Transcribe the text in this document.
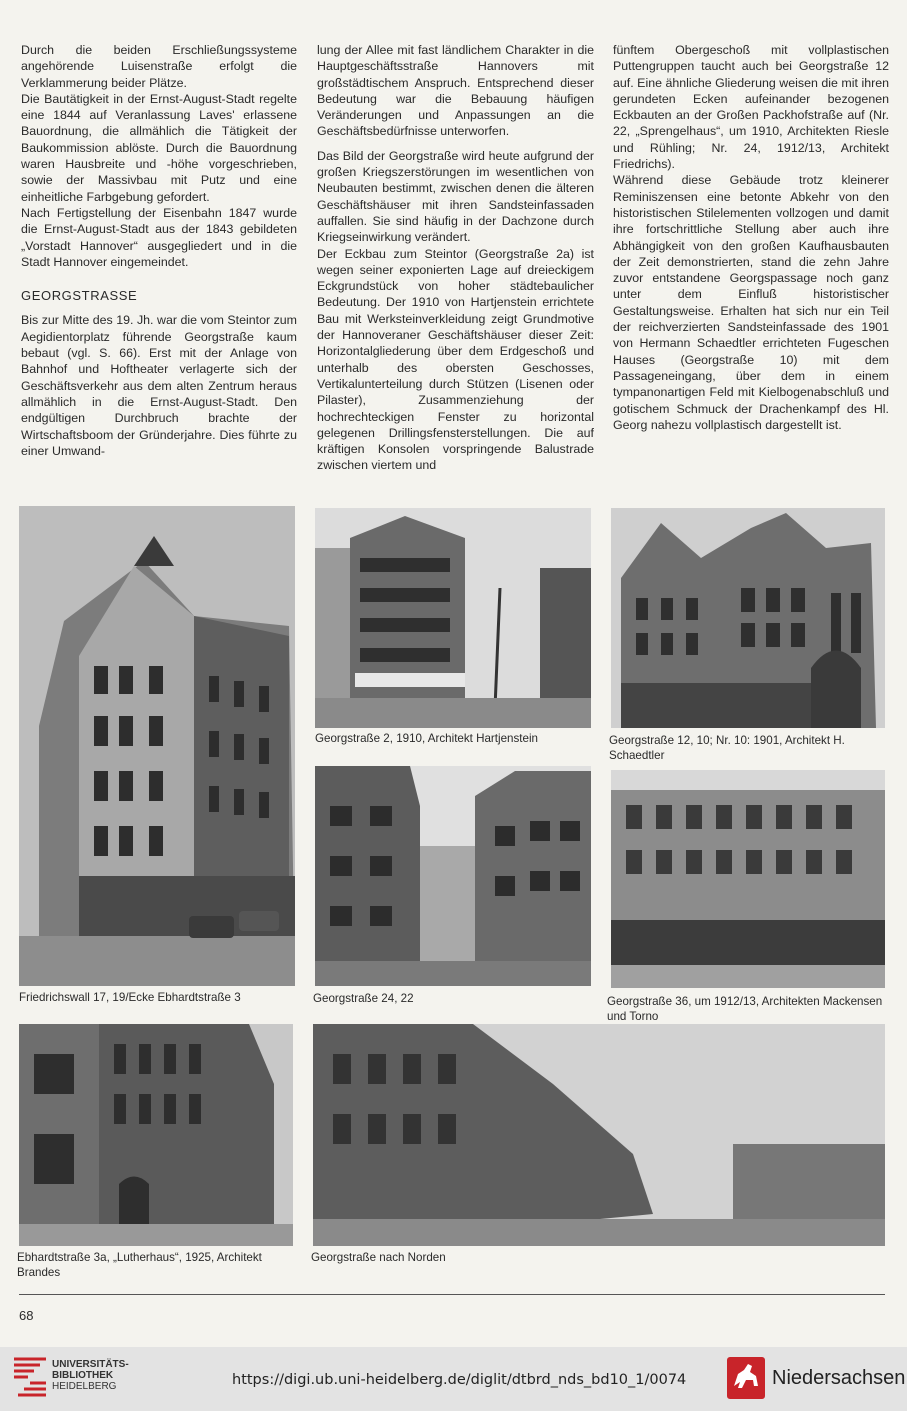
Durch die beiden Erschließungssysteme angehörende Luisenstraße erfolgt die Verklammerung beider Plätze.

Die Bautätigkeit in der Ernst-August-Stadt regelte eine 1844 auf Veranlassung Laves' erlassene Bauordnung, die allmählich die Tätigkeit der Baukommission ablöste. Durch die Bauordnung waren Hausbreite und -höhe vorgeschrieben, sowie der Massivbau mit Putz und eine einheitliche Farbgebung gefordert.

Nach Fertigstellung der Eisenbahn 1847 wurde die Ernst-August-Stadt aus der 1843 gebildeten „Vorstadt Hannover“ ausgegliedert und in die Stadt Hannover eingemeindet.

GEORGSTRASSE

Bis zur Mitte des 19. Jh. war die vom Steintor zum Aegidientorplatz führende Georgstraße kaum bebaut (vgl. S. 66). Erst mit der Anlage von Bahnhof und Hoftheater verlagerte sich der Geschäftsverkehr aus dem alten Zentrum heraus allmählich in die Ernst-August-Stadt. Den endgültigen Durchbruch brachte der Wirtschaftsboom der Gründerjahre. Dies führte zu einer Umwand-

lung der Allee mit fast ländlichem Charakter in die Hauptgeschäftsstraße Hannovers mit großstädtischem Anspruch. Entsprechend dieser Bedeutung war die Bebauung häufigen Veränderungen und Anpassungen an die Geschäftsbedürfnisse unterworfen.

Das Bild der Georgstraße wird heute aufgrund der großen Kriegszerstörungen im wesentlichen von Neubauten bestimmt, zwischen denen die älteren Geschäftshäuser mit ihren Sandsteinfassaden auffallen. Sie sind häufig in der Dachzone durch Kriegseinwirkung verändert.

Der Eckbau zum Steintor (Georgstraße 2a) ist wegen seiner exponierten Lage auf dreieckigem Eckgrundstück von hoher städtebaulicher Bedeutung. Der 1910 von Hartjenstein errichtete Bau mit Werksteinverkleidung zeigt Grundmotive der Hannoveraner Geschäftshäuser dieser Zeit: Horizontalgliederung über dem Erdgeschoß und unterhalb des obersten Geschosses, Vertikalunterteilung durch Stützen (Lisenen oder Pilaster), Zusammenziehung der hochrechteckigen Fenster zu horizontal gelegenen Drillingsfensterstellungen. Die auf kräftigen Konsolen vorspringende Balustrade zwischen viertem und

fünftem Obergeschoß mit vollplastischen Puttengruppen taucht auch bei Georgstraße 12 auf. Eine ähnliche Gliederung weisen die mit ihren gerundeten Ecken aufeinander bezogenen Eckbauten an der Großen Packhofstraße auf (Nr. 22, „Sprengelhaus“, um 1910, Architekten Riesle und Rühling; Nr. 24, 1912/13, Architekt Friedrichs).

Während diese Gebäude trotz kleinerer Reminiszensen eine betonte Abkehr von den historistischen Stilelementen vollzogen und damit ihre fortschrittliche Stellung aber auch ihre Abhängigkeit von den großen Kaufhausbauten der Zeit demonstrierten, stand die zehn Jahre zuvor entstandene Georgspassage noch ganz unter dem Einfluß historistischer Gestaltungsweise. Erhalten hat sich nur ein Teil der reichverzierten Sandsteinfassade des 1901 von Hermann Schaedtler errichteten Fugeschen Hauses (Georgstraße 10) mit dem Passageneingang, über dem in einem tympanonartigen Feld mit Kielbogenabschluß und gotischem Schmuck der Drachenkampf des Hl. Georg nahezu vollplastisch dargestellt ist.

Friedrichswall 17, 19/Ecke Ebhardtstraße 3
Georgstraße 2, 1910, Architekt Hartjenstein	Georgstraße 12, 10; Nr. 10: 1901, Architekt H. Schaedtler
Georgstraße 24, 22	Georgstraße 36, um 1912/13, Architekten Mackensen und Torno
Ebhardtstraße 3a, „Lutherhaus“, 1925, Architekt Brandes
Georgstraße nach Norden
68
UNIVERSITÄTS-
BIBLIOTHEK
HEIDELBERG	https://digi.ub.uni-heidelberg.de/diglit/dtbrd_nds_bd10_1/0074	Niedersachsen
